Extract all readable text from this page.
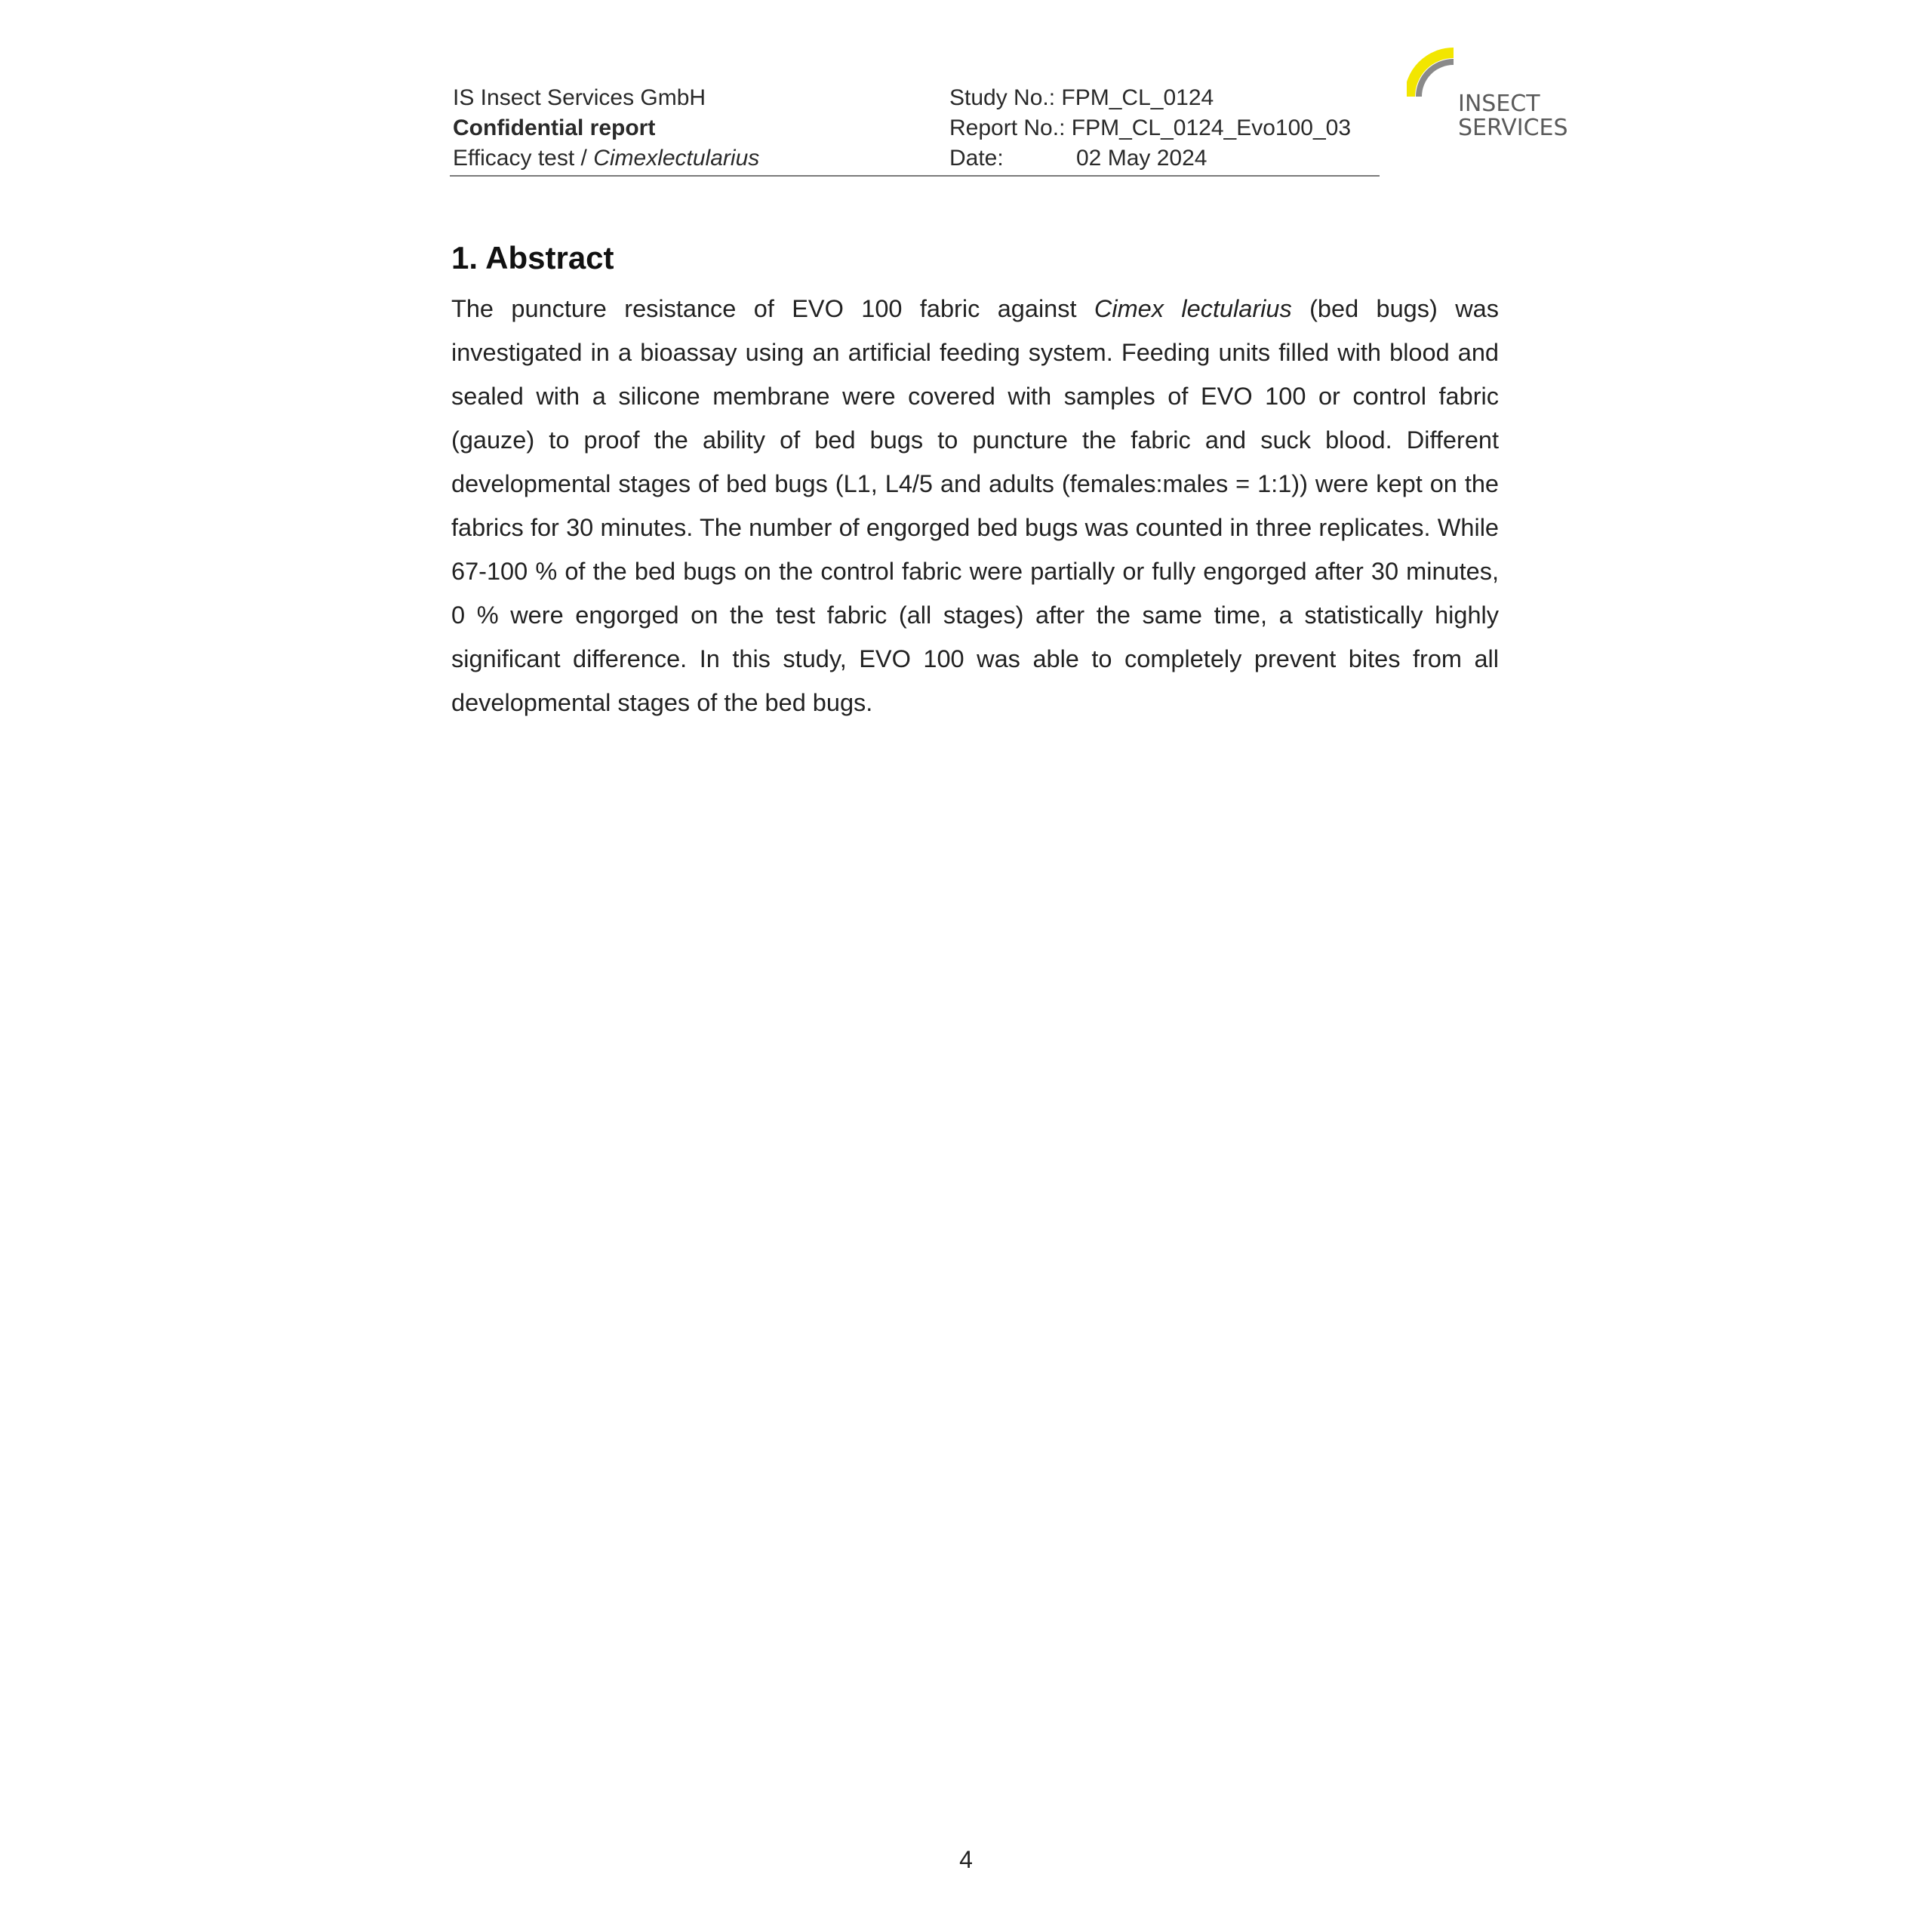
IS Insect Services GmbH
Confidential report
Efficacy test / Cimexlectularius
Study No.: FPM_CL_0124
Report No.: FPM_CL_0124_Evo100_03
Date:	02 May 2024
INSECT
SERVICES
1. Abstract

The puncture resistance of EVO 100 fabric against Cimex lectularius (bed bugs) was investigated in a bioassay using an artificial feeding system. Feeding units filled with blood and sealed with a silicone membrane were covered with samples of EVO 100 or control fabric (gauze) to proof the ability of bed bugs to puncture the fabric and suck blood. Different developmental stages of bed bugs (L1, L4/5 and adults (females:males = 1:1)) were kept on the fabrics for 30 minutes. The number of engorged bed bugs was counted in three replicates. While 67-100 % of the bed bugs on the control fabric were partially or fully engorged after 30 minutes, 0 % were engorged on the test fabric (all stages) after the same time, a statistically highly significant difference. In this study, EVO 100 was able to completely prevent bites from all developmental stages of the bed bugs.

4
